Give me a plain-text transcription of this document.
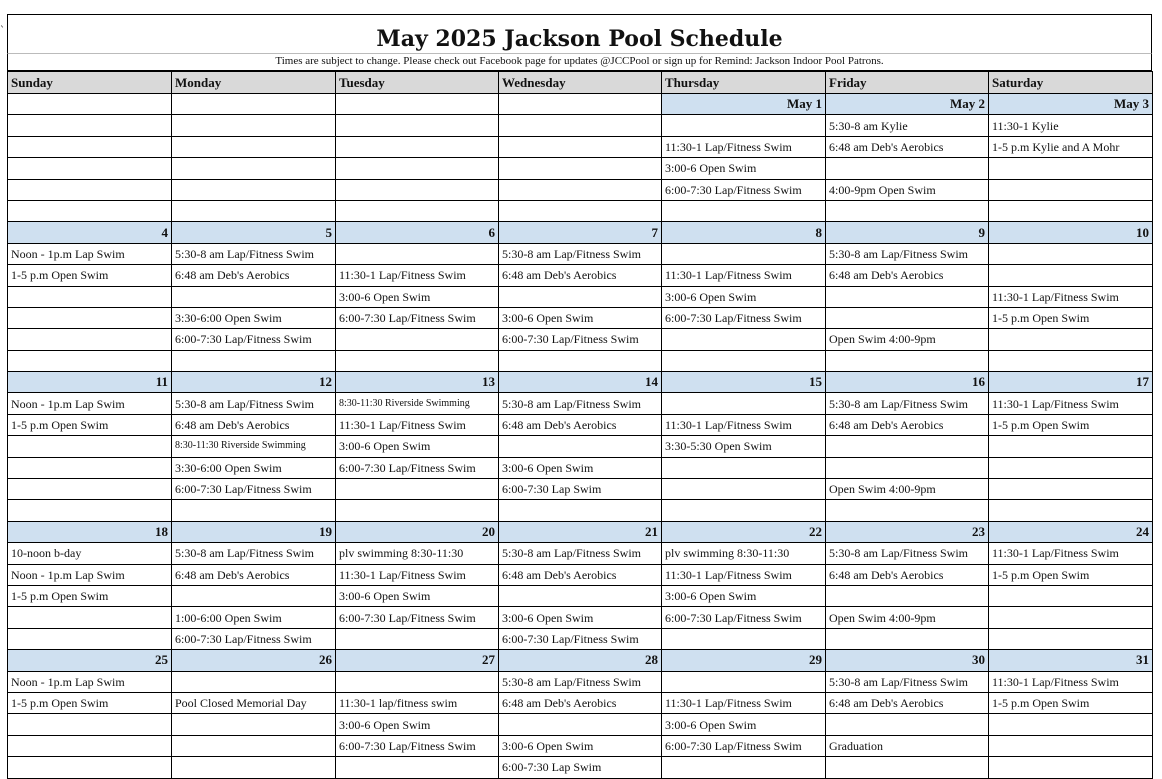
`	May 2025 Jackson Pool Schedule
Times are subject to change. Please check out Facebook page for updates @JCCPool or sign up for Remind: Jackson Indoor Pool Patrons.
Sunday	Monday	Tuesday	Wednesday	Thursday	Friday	Saturday
				May 1	May 2	May 3
					5:30-8 am Kylie	11:30-1 Kylie
				11:30-1 Lap/Fitness Swim	6:48 am Deb's Aerobics	1-5 p.m Kylie and A Mohr
				3:00-6 Open Swim		
				6:00-7:30 Lap/Fitness Swim	4:00-9pm Open Swim	

4	5	6	7	8	9	10
Noon - 1p.m Lap Swim	5:30-8 am Lap/Fitness Swim		5:30-8 am Lap/Fitness Swim		5:30-8 am Lap/Fitness Swim	
1-5 p.m Open Swim	6:48 am Deb's Aerobics	11:30-1 Lap/Fitness Swim	6:48 am Deb's Aerobics	11:30-1 Lap/Fitness Swim	6:48 am Deb's Aerobics	
		3:00-6 Open Swim		3:00-6 Open Swim		11:30-1 Lap/Fitness Swim
	3:30-6:00 Open Swim	6:00-7:30 Lap/Fitness Swim	3:00-6 Open Swim	6:00-7:30 Lap/Fitness Swim		1-5 p.m Open Swim
	6:00-7:30 Lap/Fitness Swim		6:00-7:30 Lap/Fitness Swim		Open Swim 4:00-9pm	

11	12	13	14	15	16	17
Noon - 1p.m Lap Swim	5:30-8 am Lap/Fitness Swim	8:30-11:30 Riverside Swimming	5:30-8 am Lap/Fitness Swim		5:30-8 am Lap/Fitness Swim	11:30-1 Lap/Fitness Swim
1-5 p.m Open Swim	6:48 am Deb's Aerobics	11:30-1 Lap/Fitness Swim	6:48 am Deb's Aerobics	11:30-1 Lap/Fitness Swim	6:48 am Deb's Aerobics	1-5 p.m Open Swim
	8:30-11:30 Riverside Swimming	3:00-6 Open Swim		3:30-5:30 Open Swim		
	3:30-6:00 Open Swim	6:00-7:30 Lap/Fitness Swim	3:00-6 Open Swim			
	6:00-7:30 Lap/Fitness Swim		6:00-7:30 Lap Swim		Open Swim 4:00-9pm	

18	19	20	21	22	23	24
10-noon b-day	5:30-8 am Lap/Fitness Swim	plv swimming 8:30-11:30	5:30-8 am Lap/Fitness Swim	plv swimming 8:30-11:30	5:30-8 am Lap/Fitness Swim	11:30-1 Lap/Fitness Swim
Noon - 1p.m Lap Swim	6:48 am Deb's Aerobics	11:30-1 Lap/Fitness Swim	6:48 am Deb's Aerobics	11:30-1 Lap/Fitness Swim	6:48 am Deb's Aerobics	1-5 p.m Open Swim
1-5 p.m Open Swim		3:00-6 Open Swim		3:00-6 Open Swim		
	1:00-6:00 Open Swim	6:00-7:30 Lap/Fitness Swim	3:00-6 Open Swim	6:00-7:30 Lap/Fitness Swim	Open Swim 4:00-9pm	
	6:00-7:30 Lap/Fitness Swim		6:00-7:30 Lap/Fitness Swim			
25	26	27	28	29	30	31
Noon - 1p.m Lap Swim			5:30-8 am Lap/Fitness Swim		5:30-8 am Lap/Fitness Swim	11:30-1 Lap/Fitness Swim
1-5 p.m Open Swim	Pool Closed Memorial Day	11:30-1 lap/fitness swim	6:48 am Deb's Aerobics	11:30-1 Lap/Fitness Swim	6:48 am Deb's Aerobics	1-5 p.m Open Swim
		3:00-6 Open Swim		3:00-6 Open Swim		
		6:00-7:30 Lap/Fitness Swim	3:00-6 Open Swim	6:00-7:30 Lap/Fitness Swim	Graduation	
			6:00-7:30 Lap Swim			
